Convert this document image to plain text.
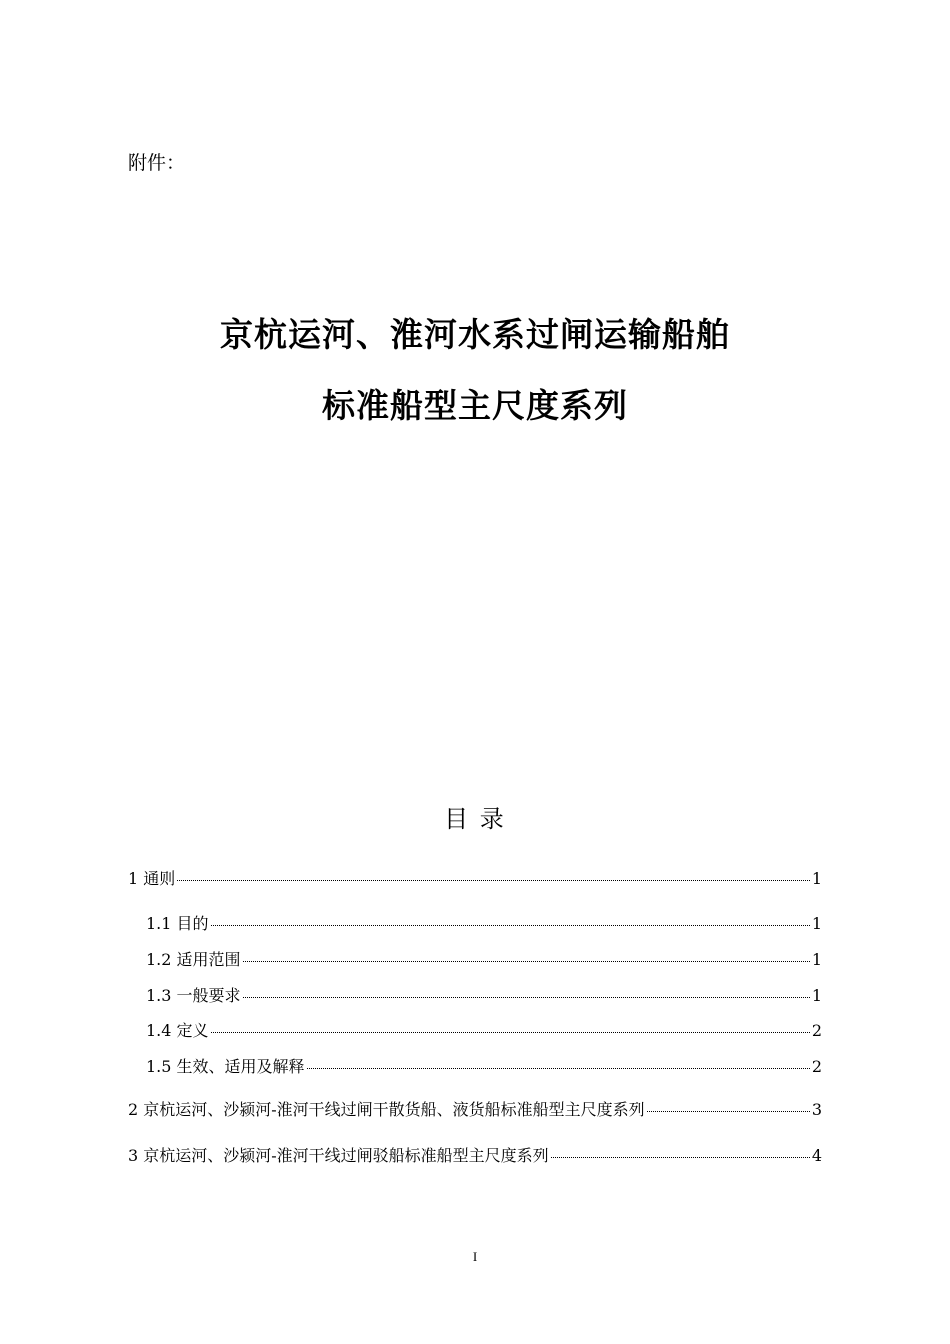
附件：
京杭运河、淮河水系过闸运输船舶
标准船型主尺度系列
目 录
1 通则	1
1.1 目的	1
1.2 适用范围	1
1.3 一般要求	1
1.4 定义	2
1.5 生效、适用及解释	2
2 京杭运河、沙颍河-淮河干线过闸干散货船、液货船标准船型主尺度系列	3
3 京杭运河、沙颍河-淮河干线过闸驳船标准船型主尺度系列	4
I
